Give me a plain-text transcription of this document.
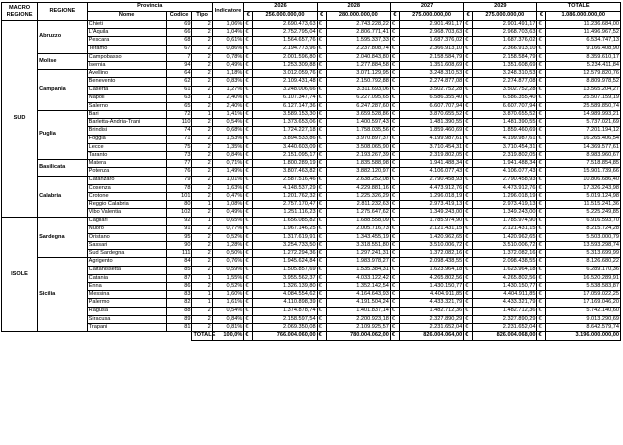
MACRO
REGIONE	REGIONE	Provincia			Indicatore	2026		2028		2027		2029		TOTALE	
		Nome	Codice	Tipo		€	256.000.000,00	€	280.000.000,00	€	275.000.000,00	€	275.000.000,00	€	1.086.000.000,00
SUD	Abruzzo	Chieti	69	2	1,06%	€	2.690.473,63	€	2.743.228,22	€	2.901.491,17	€	2.901.491,17	€	11.236.684,00
		L'Aquila	66	2	1,04%	€	2.752.795,04	€	2.806.771,41	€	2.968.703,63	€	2.968.703,63	€	11.496.967,52
		Pescara	68	2	0,61%	€	1.564.657,76	€	1.595.337,33	€	1.687.376,02	€	1.687.376,02	€	6.534.747,13
		Teramo	67	2	0,86%	€	2.194.773,96	€	2.237.808,74	€	2.366.913,10	€	2.366.913,10	€	9.166.408,90
	Molise	Campobasso	7	2	0,78%	€	2.001.596,80	€	2.040.843,80	€	2.158.584,79	€	2.158.584,79	€	8.359.610,17
		Isernia	94	2	0,49%	€	1.253.309,88	€	1.277.884,58	€	1.351.608,69	€	1.351.608,69	€	5.234.411,84
	Campania	Avellino	64	2	1,18%	€	3.012.059,76	€	3.071.129,95	€	3.248.310,53	€	3.248.310,53	€	12.579.820,76
		Benevento	62	2	0,83%	€	2.109.431,48	€	2.150.792,88	€	2.274.877,08	€	2.274.877,08	€	8.809.978,52
		Caserta	61	2	1,27%	€	3.248.006,66	€	3.311.693,06	€	3.502.752,28	€	3.502.752,28	€	13.565.204,27
		Napoli	63	1	2,40%	€	6.107.347,74	€	6.227.095,65	€	6.586.355,40	€	6.586.355,40	€	25.507.159,19
		Salerno	65	2	2,40%	€	6.127.147,36	€	6.247.287,60	€	6.607.707,94	€	6.607.707,94	€	25.589.850,74
	Puglia	Bari	72	1	1,41%	€	3.589.153,30	€	3.659.528,86	€	3.870.655,52	€	3.870.655,52	€	14.989.993,21
		Barletta-Andria-Trani	110	2	0,54%	€	1.373.653,06	€	1.400.597,43	€	1.481.390,55	€	1.481.390,55	€	5.737.021,69
		Brindisi	74	2	0,68%	€	1.724.227,18	€	1.758.035,56	€	1.859.460,69	€	1.859.460,69	€	7.201.194,12
		Foggia	71	2	1,53%	€	3.894.533,86	€	3.970.897,37	€	4.199.987,61	€	4.199.987,61	€	16.265.406,54
		Lecce	75	2	1,35%	€	3.440.603,09	€	3.508.065,90	€	3.710.454,31	€	3.710.454,31	€	14.369.577,61
		Taranto	73	2	0,84%	€	2.151.095,17	€	2.193.267,39	€	2.319.802,05	€	2.319.802,05	€	8.983.960,67
	Basilicata	Matera	77	2	0,71%	€	1.800.289,19	€	1.835.588,98	€	1.941.488,34	€	1.941.488,34	€	7.518.854,85
		Potenza	76	2	1,49%	€	3.807.463,82	€	3.882.120,97	€	4.106.077,43	€	4.106.077,43	€	15.901.739,66
	Calabria	Catanzaro	79	2	1,01%	€	2.587.516,46	€	2.638.252,08	€	2.790.458,93	€	2.790.458,93	€	10.806.686,40
		Cosenza	78	2	1,63%	€	4.148.537,29	€	4.229.881,16	€	4.473.912,76	€	4.473.912,76	€	17.326.243,98
		Crotone	101	2	0,47%	€	1.201.762,32	€	1.225.326,29	€	1.296.018,19	€	1.296.018,19	€	5.019.124,98
		Reggio Calabria	80	1	1,08%	€	2.757.170,47	€	2.811.232,63	€	2.973.419,13	€	2.973.419,13	€	11.515.241,36
		Vibo Valentia	102	2	0,49%	€	1.251.116,23	€	1.275.647,62	€	1.349.243,00	€	1.349.243,00	€	5.225.249,85
ISOLE	Sardegna	Cagliari	92	1	0,65%	€	1.656.085,82	€	1.688.558,09	€	1.785.974,90	€	1.785.974,90	€	6.916.593,70
		Nuoro	91	2	0,77%	€	1.967.146,25	€	2.005.716,73	€	2.121.431,15	€	2.121.431,15	€	8.215.724,28
		Oristano	95	2	0,52%	€	1.317.619,91	€	1.343.455,19	€	1.420.962,65	€	1.420.962,65	€	5.503.000,79
		Sassari	90	2	1,28%	€	3.254.733,50	€	3.318.551,80	€	3.510.006,72	€	3.510.006,72	€	13.593.298,74
		Sud Sardegna	111	2	0,50%	€	1.272.294,36	€	1.297.241,31	€	1.372.082,16	€	1.372.082,16	€	5.313.699,99
	Sicilia	Agrigento	84	2	0,76%	€	1.945.624,84	€	1.983.978,27	€	2.098.438,55	€	2.098.438,55	€	8.126.680,22
		Caltanissetta	85	2	0,59%	€	1.505.857,69	€	1.535.384,31	€	1.623.964,18	€	1.623.964,18	€	6.289.170,36
		Catania	87	1	1,55%	€	3.955.562,37	€	4.033.122,42	€	4.265.802,56	€	4.265.802,56	€	16.520.289,91
		Enna	86	2	0,52%	€	1.326.139,80	€	1.352.142,54	€	1.430.150,77	€	1.430.150,77	€	5.538.583,87
		Messina	83	1	1,60%	€	4.084.554,62	€	4.164.643,93	€	4.404.911,85	€	4.404.911,85	€	17.059.022,25
		Palermo	82	1	1,61%	€	4.110.898,39	€	4.191.504,24	€	4.433.321,79	€	4.433.321,79	€	17.169.046,20
		Ragusa	88	2	0,54%	€	1.374.878,74	€	1.401.837,14	€	1.482.712,36	€	1.482.712,36	€	5.742.140,60
		Siracusa	89	2	0,84%	€	2.158.597,54	€	2.200.923,18	€	2.327.890,29	€	2.327.890,29	€	9.013.290,69
		Trapani	81	2	0,81%	€	2.069.350,08	€	2.109.925,57	€	2.231.652,04	€	2.231.652,04	€	8.642.579,74
				TOTALE	100,0%	€	766.004.060,00	€	780.004.062,00	€	826.004.064,00	€	826.004.068,00	€	3.196.000.000,00
